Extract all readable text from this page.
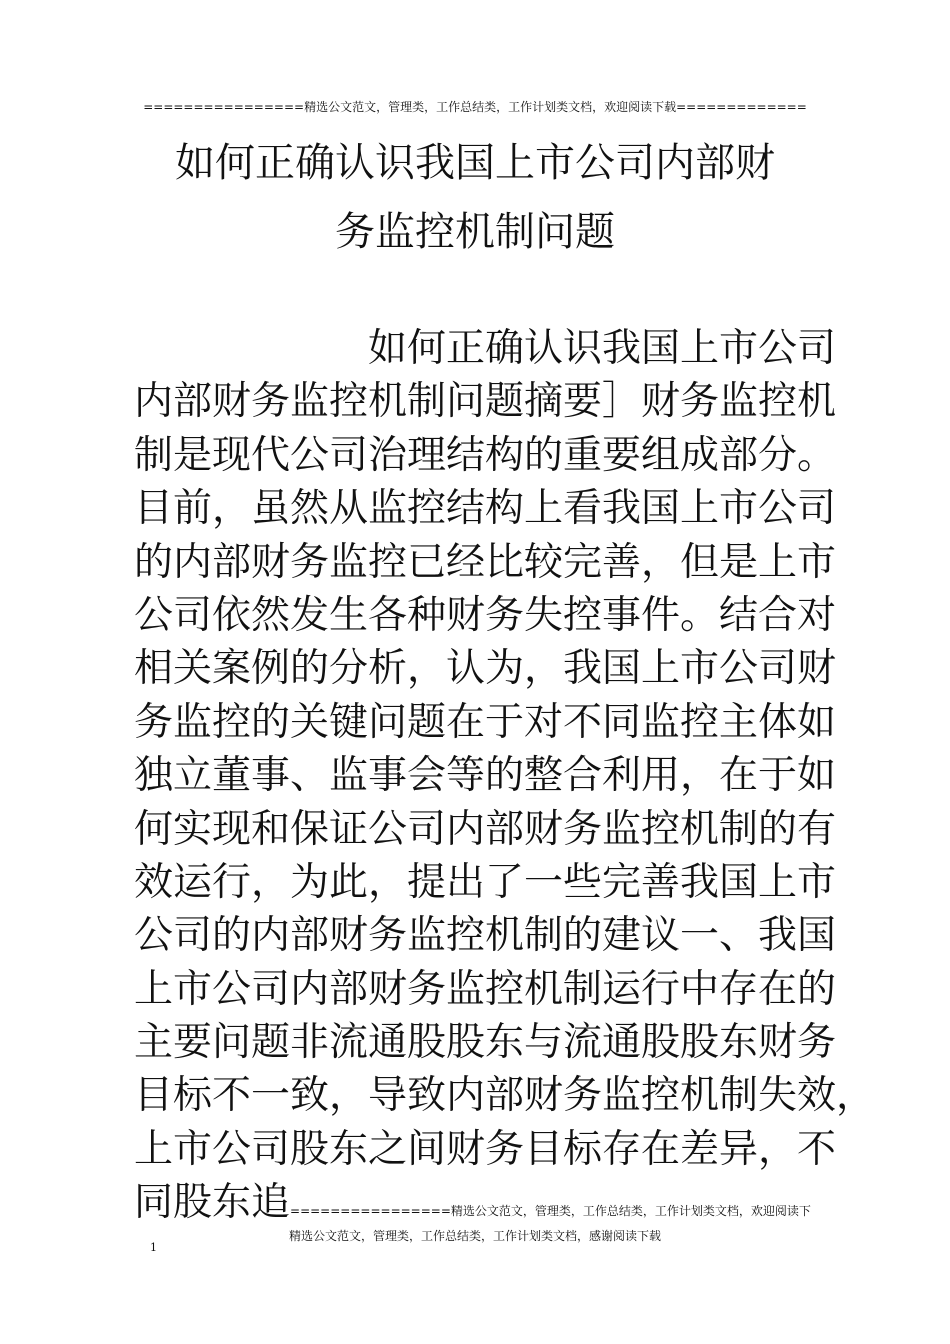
================精选公文范文，管理类，工作总结类，工作计划类文档，欢迎阅读下载=============
如何正确认识我国上市公司内部财
务监控机制问题
如何正确认识我国上市公司
内部财务监控机制问题摘要］财务监控机
制是现代公司治理结构的重要组成部分。
目前，虽然从监控结构上看我国上市公司
的内部财务监控已经比较完善，但是上市
公司依然发生各种财务失控事件。结合对
相关案例的分析，认为，我国上市公司财
务监控的关键问题在于对不同监控主体如
独立董事、监事会等的整合利用，在于如
何实现和保证公司内部财务监控机制的有
效运行，为此，提出了一些完善我国上市
公司的内部财务监控机制的建议一、我国
上市公司内部财务监控机制运行中存在的
主要问题非流通股股东与流通股股东财务
目标不一致，导致内部财务监控机制失效，
上市公司股东之间财务目标存在差异，不
同股东追================精选公文范文，管理类，工作总结类，工作计划类文档，欢迎阅读下
精选公文范文，管理类，工作总结类，工作计划类文档，感谢阅读下载
1
